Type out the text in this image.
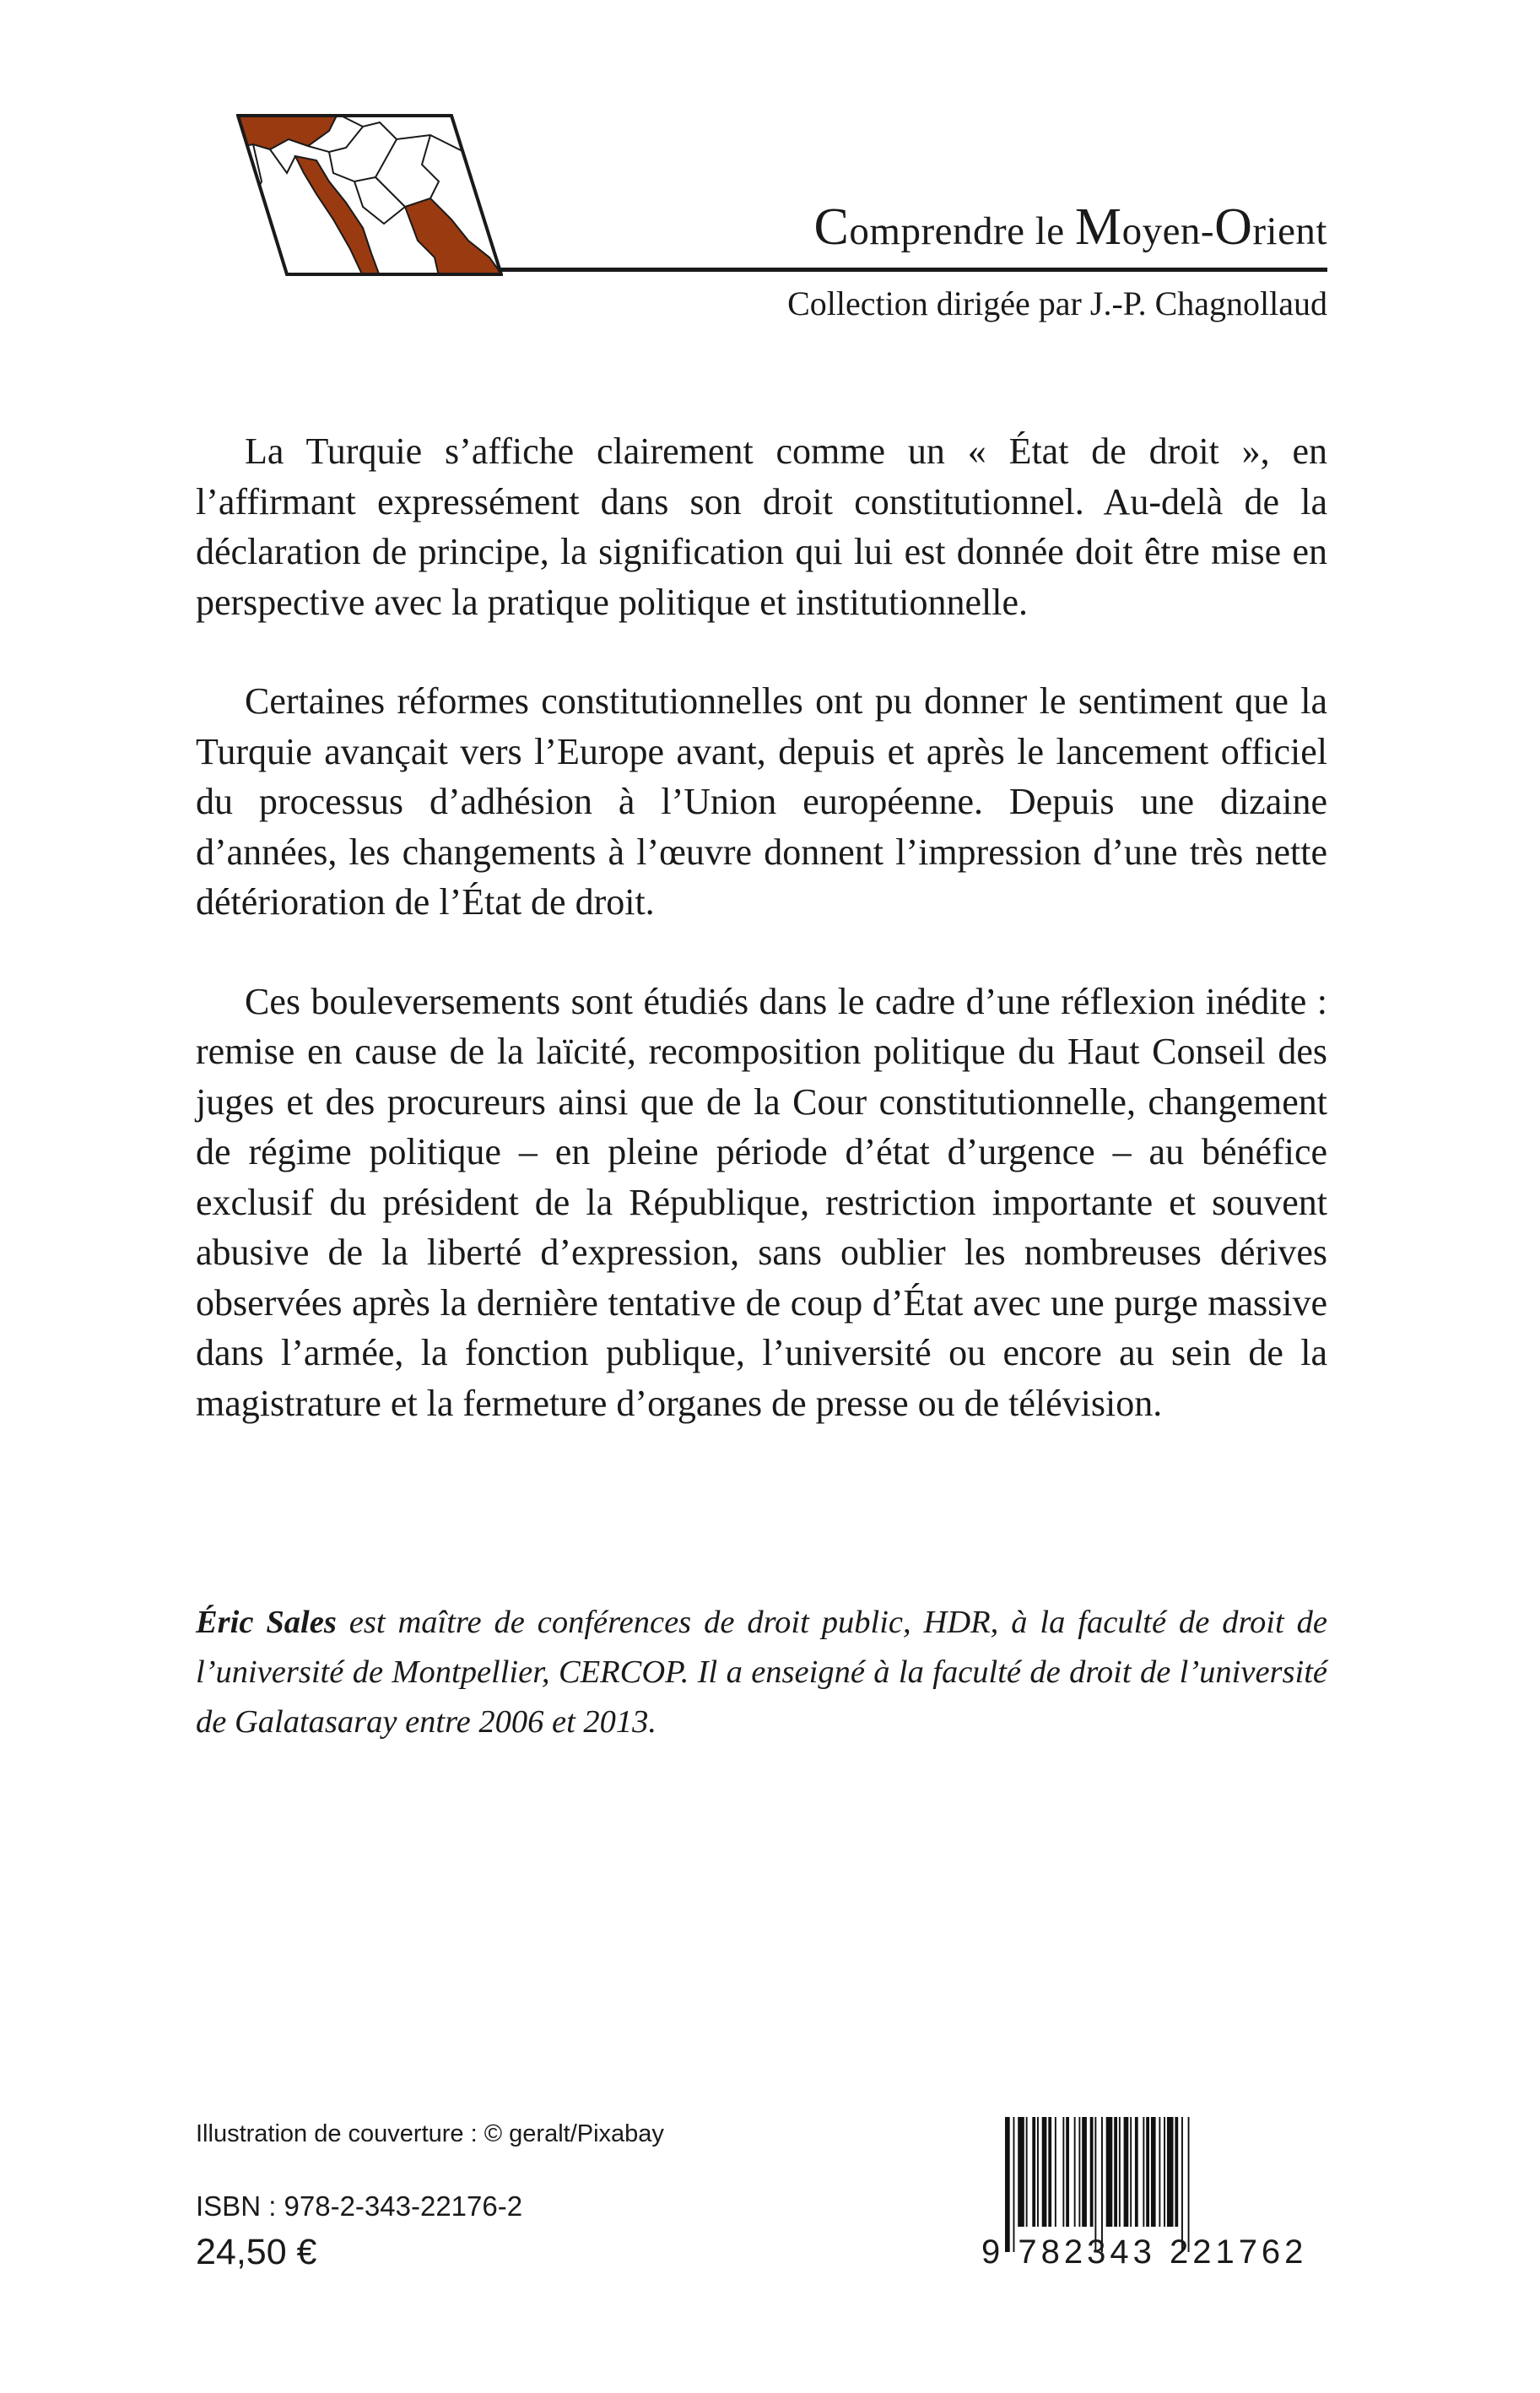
Comprendre le Moyen-Orient
Collection dirigée par J.-P. Chagnollaud

La Turquie s’affiche clairement comme un « État de droit », en l’affirmant expressément dans son droit constitutionnel. Au-delà de la déclaration de principe, la signification qui lui est donnée doit être mise en perspective avec la pratique politique et institutionnelle.

Certaines réformes constitutionnelles ont pu donner le sentiment que la Turquie avançait vers l’Europe avant, depuis et après le lancement officiel du processus d’adhésion à l’Union européenne. Depuis une dizaine d’années, les changements à l’œuvre donnent l’impression d’une très nette détérioration de l’État de droit.

Ces bouleversements sont étudiés dans le cadre d’une réflexion inédite : remise en cause de la laïcité, recomposition politique du Haut Conseil des juges et des procureurs ainsi que de la Cour constitutionnelle, changement de régime politique – en pleine période d’état d’urgence – au bénéfice exclusif du président de la République, restriction importante et souvent abusive de la liberté d’expression, sans oublier les nombreuses dérives observées après la dernière tentative de coup d’État avec une purge massive dans l’armée, la fonction publique, l’université ou encore au sein de la magistrature et la fermeture d’organes de presse ou de télévision.

Éric Sales est maître de conférences de droit public, HDR, à la faculté de droit de l’université de Montpellier, CERCOP. Il a enseigné à la faculté de droit de l’université de Galatasaray entre 2006 et 2013.

Illustration de couverture : © geralt/Pixabay
ISBN : 978-2-343-22176-2
24,50 €	9 782343 221762
